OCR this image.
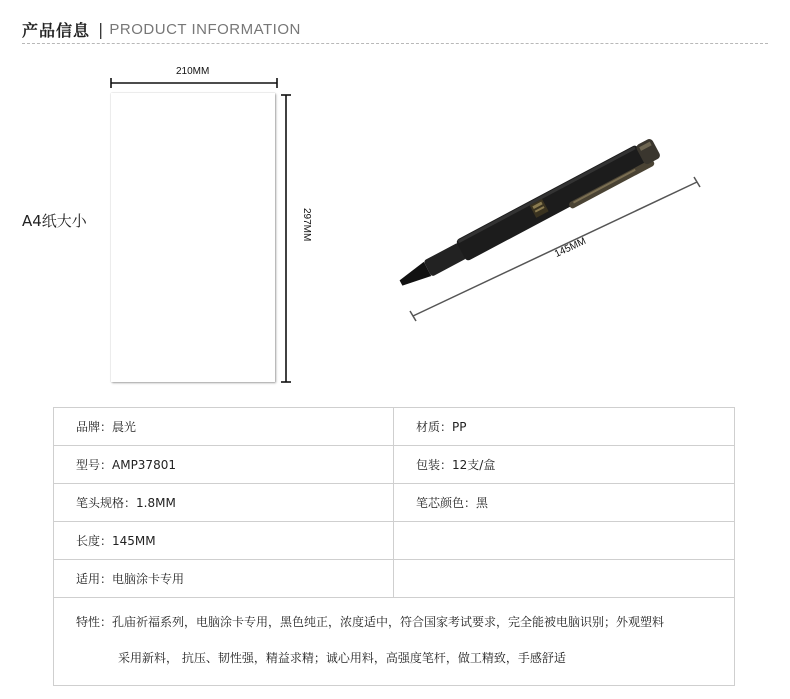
产品信息 | PRODUCT INFORMATION
A4纸大小
210MM
297MM
145MM
品牌：晨光	材质：PP
型号：AMP37801	包装：12支/盒
笔头规格：1.8MM	笔芯颜色：黑
长度：145MM	
适用：电脑涂卡专用	
特性：孔庙祈福系列，电脑涂卡专用，黑色纯正，浓度适中，符合国家考试要求，完全能被电脑识别；外观塑料
采用新料， 抗压、韧性强，精益求精；诚心用料，高强度笔杆，做工精致，手感舒适	
